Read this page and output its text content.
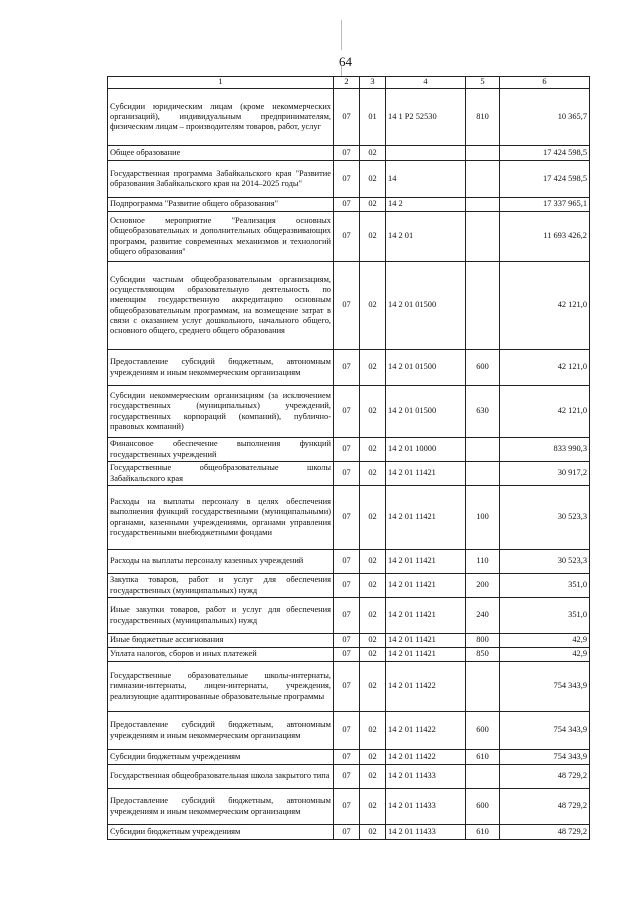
64
1	2	3	4	5	6
Субсидии юридическим лицам (кроме некоммерческих организаций), индивидуальным предпринимателям, физическим лицам – производителям товаров, работ, услуг	07	01	14 1 P2 52530	810	10 365,7
Общее образование	07	02			17 424 598,5
Государственная программа Забайкальского края "Развитие образования Забайкальского края на 2014–2025 годы"	07	02	14		17 424 598,5
Подпрограмма "Развитие общего образования"	07	02	14 2		17 337 965,1
Основное мероприятие "Реализация основных общеобразовательных и дополнительных общеразвивающих программ, развитие современных механизмов и технологий общего образования"	07	02	14 2 01		11 693 426,2
Субсидии частным общеобразовательным организациям, осуществляющим образовательную деятельность по имеющим государственную аккредитацию основным общеобразовательным программам, на возмещение затрат в связи с оказанием услуг дошкольного, начального общего, основного общего, среднего общего образования	07	02	14 2 01 01500		42 121,0
Предоставление субсидий бюджетным, автономным учреждениям и иным некоммерческим организациям	07	02	14 2 01 01500	600	42 121,0
Субсидии некоммерческим организациям (за исключением государственных (муниципальных) учреждений, государственных корпораций (компаний), публично-правовых компаний)	07	02	14 2 01 01500	630	42 121,0
Финансовое обеспечение выполнения функций государственных учреждений	07	02	14 2 01 10000		833 990,3
Государственные общеобразовательные школы Забайкальского края	07	02	14 2 01 11421		30 917,2
Расходы на выплаты персоналу в целях обеспечения выполнения функций государственными (муниципальными) органами, казенными учреждениями, органами управления государственными внебюджетными фондами	07	02	14 2 01 11421	100	30 523,3
Расходы на выплаты персоналу казенных учреждений	07	02	14 2 01 11421	110	30 523,3
Закупка товаров, работ и услуг для обеспечения государственных (муниципальных) нужд	07	02	14 2 01 11421	200	351,0
Иные закупки товаров, работ и услуг для обеспечения государственных (муниципальных) нужд	07	02	14 2 01 11421	240	351,0
Иные бюджетные ассигнования	07	02	14 2 01 11421	800	42,9
Уплата налогов, сборов и иных платежей	07	02	14 2 01 11421	850	42,9
Государственные образовательные школы-интернаты, гимназии-интернаты, лицеи-интернаты, учреждения, реализующие адаптированные образовательные программы	07	02	14 2 01 11422		754 343,9
Предоставление субсидий бюджетным, автономным учреждениям и иным некоммерческим организациям	07	02	14 2 01 11422	600	754 343,9
Субсидии бюджетным учреждениям	07	02	14 2 01 11422	610	754 343,9
Государственная общеобразовательная школа закрытого типа	07	02	14 2 01 11433		48 729,2
Предоставление субсидий бюджетным, автономным учреждениям и иным некоммерческим организациям	07	02	14 2 01 11433	600	48 729,2
Субсидии бюджетным учреждениям	07	02	14 2 01 11433	610	48 729,2
